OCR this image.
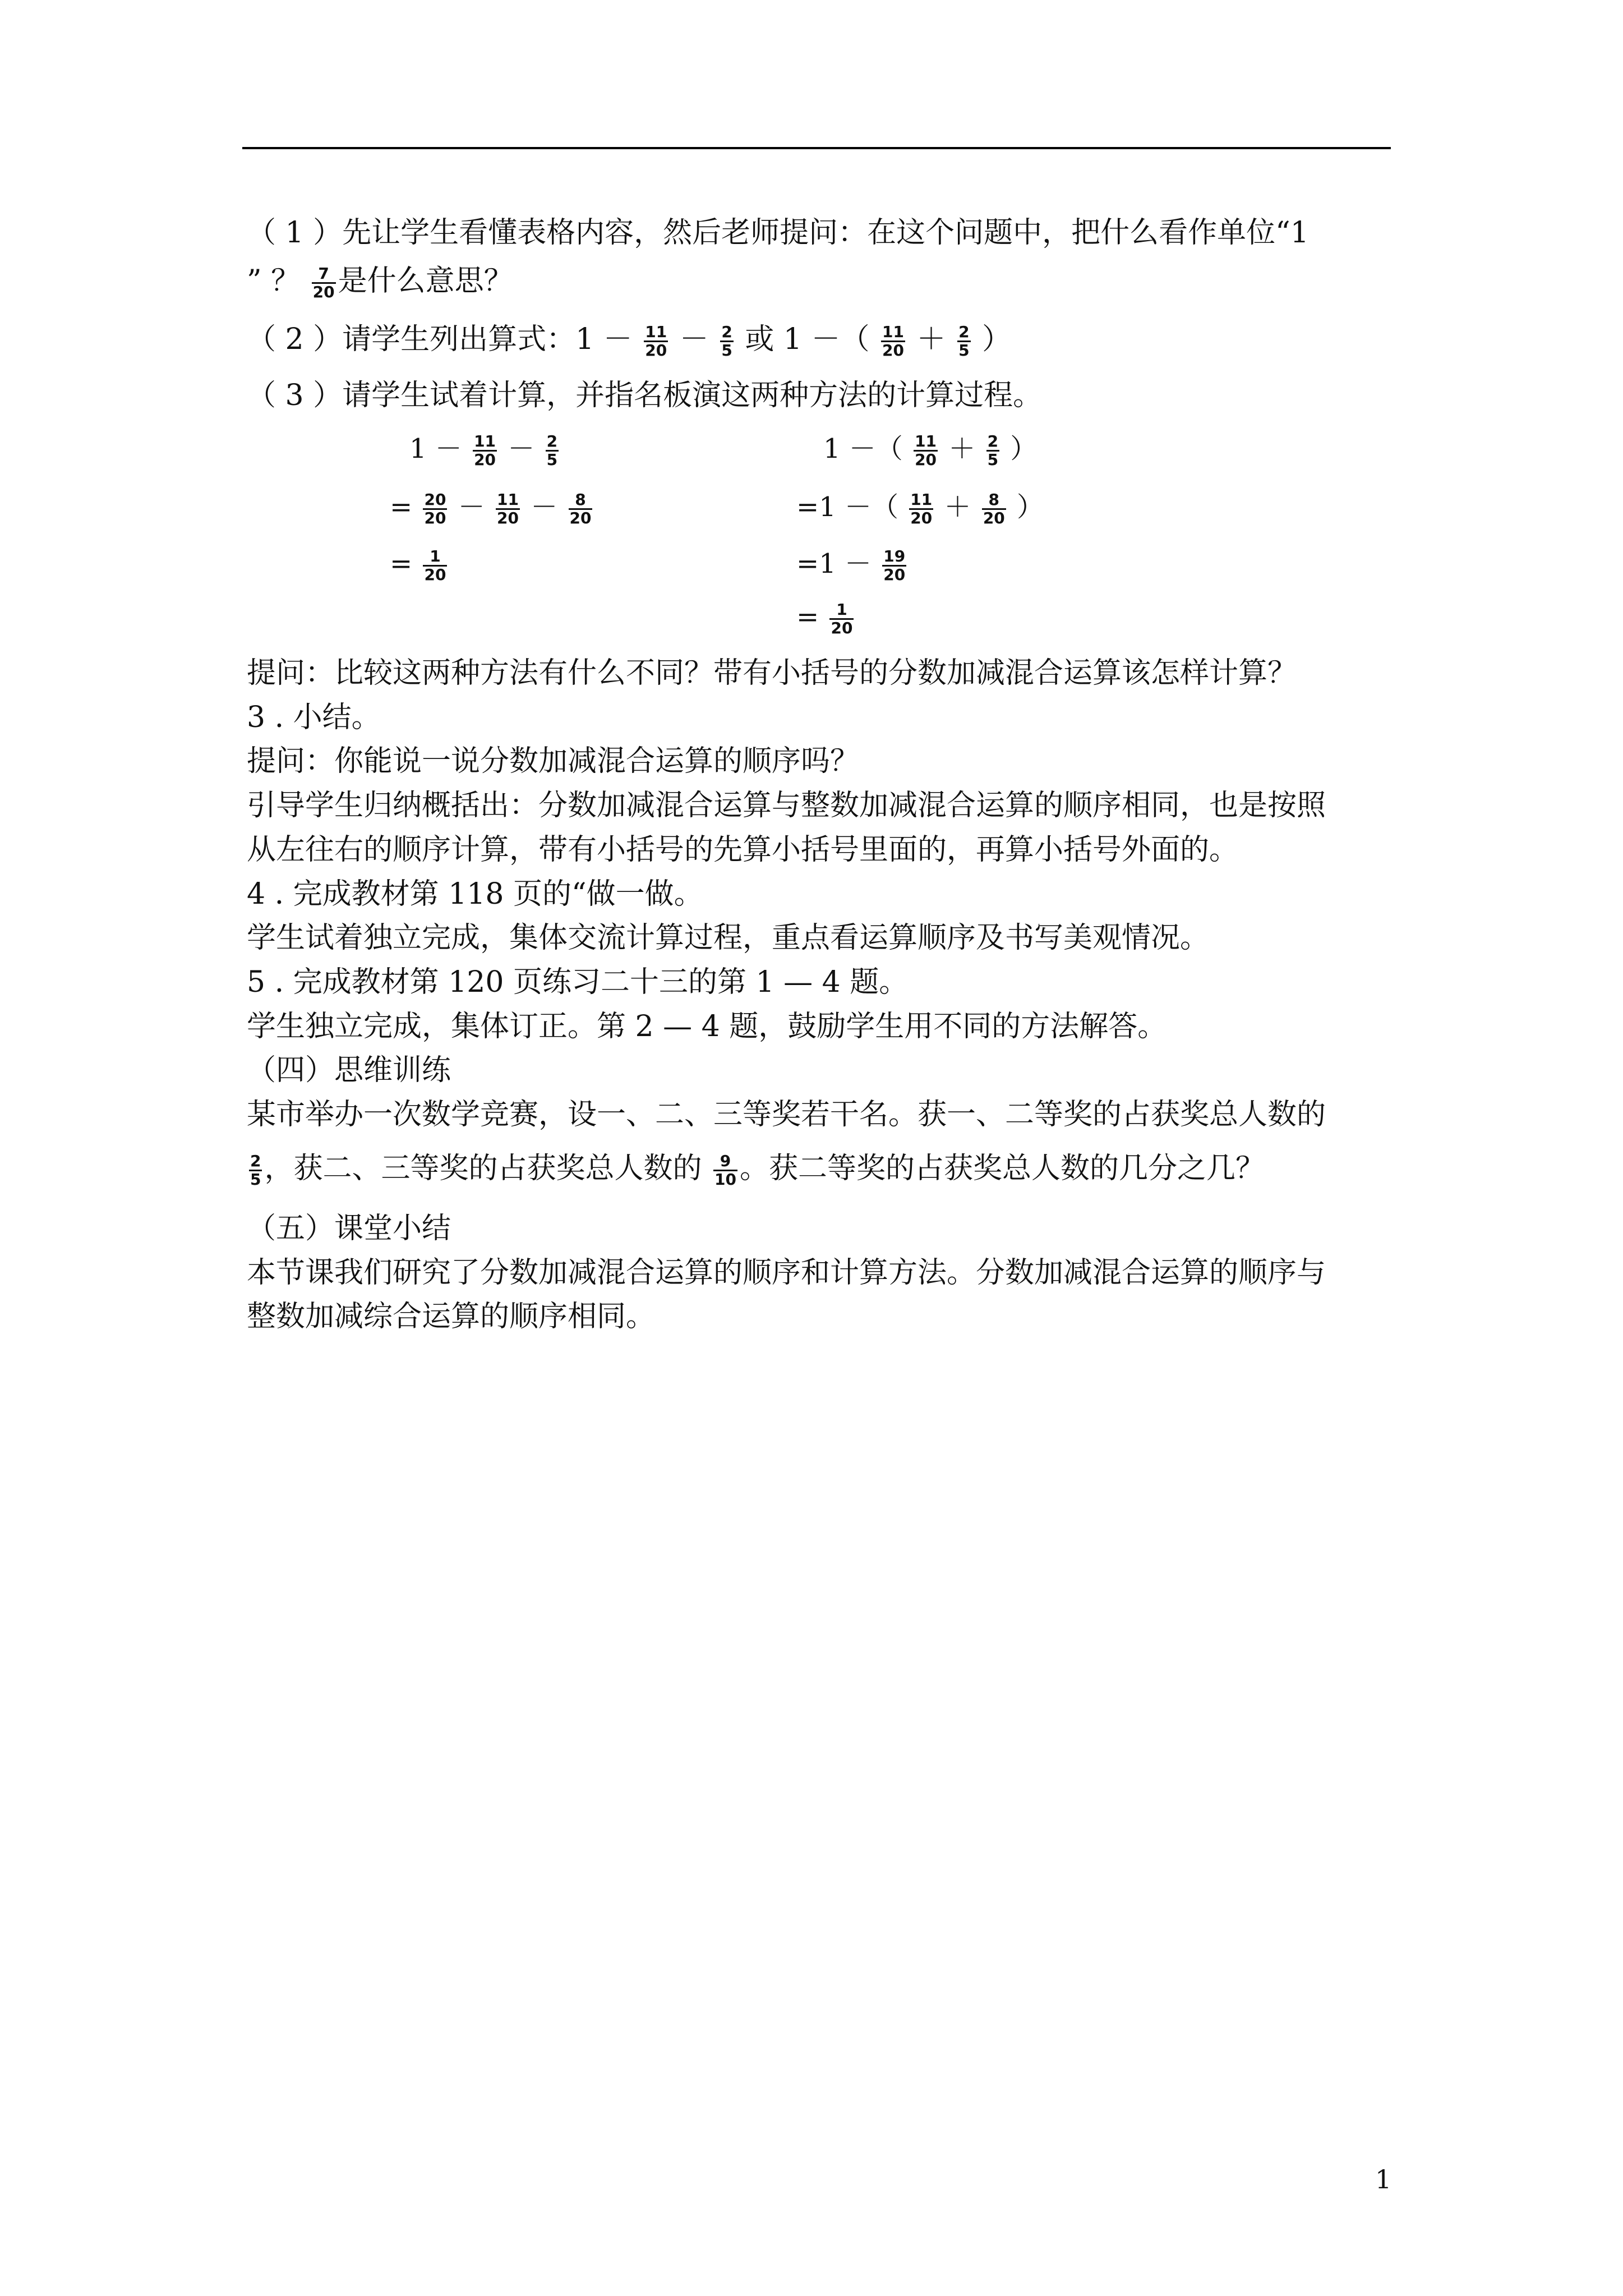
（ 1 ）先让学生看懂表格内容，然后老师提问：在这个问题中，把什么看作单位“1
” ？ $\frac{7}{20}$ 是什么意思？
（ 2 ）请学生列出算式：$1 - \frac{11}{20} - \frac{2}{5}$ 或 1 －（ $\frac{11}{20} + \frac{2}{5}$ ）
（ 3 ）请学生试着计算，并指名板演这两种方法的计算过程。
$1 - \frac{11}{20} - \frac{2}{5}$
= $\frac{20}{20} - \frac{11}{20} - \frac{8}{20}$
= $\frac{1}{20}$
1 －（ $\frac{11}{20} + \frac{2}{5}$ ）
=1 －（ $\frac{11}{20} + \frac{8}{20}$ ）
$=1 - \frac{19}{20}$
= $\frac{1}{20}$
提问：比较这两种方法有什么不同？带有小括号的分数加减混合运算该怎样计算？
3 . 小结。
提问：你能说一说分数加减混合运算的顺序吗？
引导学生归纳概括出：分数加减混合运算与整数加减混合运算的顺序相同，也是按照
从左往右的顺序计算，带有小括号的先算小括号里面的，再算小括号外面的。
4 . 完成教材第 118 页的“做一做。
学生试着独立完成，集体交流计算过程，重点看运算顺序及书写美观情况。
5 . 完成教材第 120 页练习二十三的第 1 — 4 题。
学生独立完成，集体订正。第 2 — 4 题，鼓励学生用不同的方法解答。
（四）思维训练
某市举办一次数学竞赛，设一、二、三等奖若干名。获一、二等奖的占获奖总人数的
$\frac{2}{5}$ ，获二、三等奖的占获奖总人数的 $\frac{9}{10}$ 。获二等奖的占获奖总人数的几分之几？
（五）课堂小结
本节课我们研究了分数加减混合运算的顺序和计算方法。分数加减混合运算的顺序与
整数加减综合运算的顺序相同。
1
